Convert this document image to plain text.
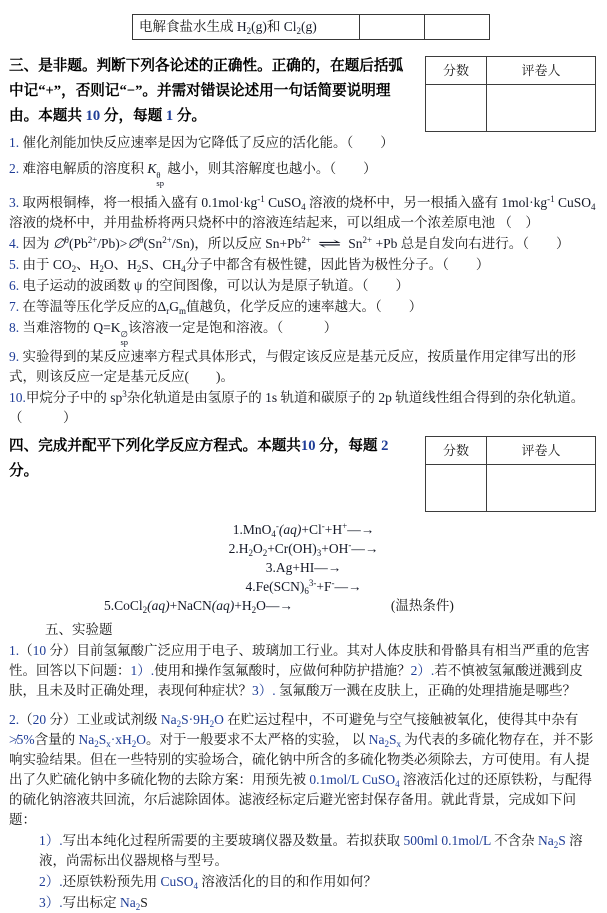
电解食盐水生成 $H_2(g)$和 $Cl_2(g)$		
分数	评卷人

三、是非题。判断下列各论述的正确性。正确的，在题后括弧中记“+”，否则记“−”。并需对错误论述用一句话简要说明理由。本题共 10 分，每题 1 分。

1. 催化剂能加快反应速率是因为它降低了反应的活化能。（　　）

2. 难溶电解质的溶度积 K θ
sp
越小，则其溶解度也越小。（　　）

3. 取两根铜棒，将一根插入盛有 $0.1mol\cdot kg^{-1}$ CuSO$_4$ 溶液的烧杯中，另一根插入盛有 $1mol\cdot kg^{-1}$ CuSO$_4$溶液的烧杯中，并用盐桥将两只烧杯中的溶液连结起来，可以组成一个浓差原电池 （　）

4. 因为 $\emptyset^\theta(Pb^{2+}/Pb)>\emptyset^\theta(Sn^{2+}/Sn)$，所以反应 $Sn+Pb^{2+}$ ⇌ $Sn^{2+} +Pb$ 总是自发向右进行。（　　）

5. 由于 $CO_2$、$H_2O$、$H_2S$、$CH_4$分子中都含有极性键，因此皆为极性分子。（　　）

6. 电子运动的波函数 ψ 的空间图像，可以认为是原子轨道。（　　）

7. 在等温等压化学反应的$\Delta_rG_m$值越负，化学反应的速率越大。（　　）

8. 当难溶物的 Q=K ∅
sp
该溶液一定是饱和溶液。（　　　）

9. 实验得到的某反应速率方程式具体形式，与假定该反应是基元反应，按质量作用定律写出的形式，则该反应一定是基元反应(　　)。

10.甲烷分子中的 $sp^3$杂化轨道是由氢原子的 1s 轨道和碳原子的 2p 轨道线性组合得到的杂化轨道。（　　　）

分数	评卷人

四、完成并配平下列化学反应方程式。本题共10 分，每题 2分。

1.MnO$_4$-(aq)+Cl-+H+—→
$2.H_2O_2+Cr(OH)_3+OH^-—\to$
3.Ag+HI—→
$4.Fe(SCN)_6^{3-}+F^-—\to$
$5.CoCl_2(aq)+NaCN(aq)+H_2O—\to$	(温热条件)

五、实验题

1.（10 分）目前氢氟酸广泛应用于电子、玻璃加工行业。其对人体皮肤和骨骼具有相当严重的危害性。回答以下问题：1）.使用和操作氢氟酸时，应做何种防护措施？2）.若不慎被氢氟酸迸溅到皮肤，且未及时正确处理，表现何种症状？3）. 氢氟酸万一溅在皮肤上，正确的处理措施是哪些？

2.（20 分）工业或试剂级 $Na_2S\cdot 9H_2O$ 在贮运过程中，不可避免与空气接触被氧化，使得其中杂有≯5%含量的 $Na_2S_x\cdot xH_2O$。对于一般要求不太严格的实验， 以 $Na_2S_x$ 为代表的多硫化物存在，并不影响实验结果。但在一些特别的实验场合，硫化钠中所含的多硫化物类必须除去，方可使用。有人提出了久贮硫化钠中多硫化物的去除方案：用预先被 0.1mol/L CuSO$_4$ 溶液活化过的还原铁粉，与配得的硫化钠溶液共回流，尔后滤除固体。滤液经标定后避光密封保存备用。就此背景，完成如下问题：

1）.写出本纯化过程所需要的主要玻璃仪器及数量。若拟获取 500ml 0.1mol/L 不含杂 $Na_2S$ 溶液，尚需标出仪器规格与型号。

2）.还原铁粉预先用 CuSO$_4$ 溶液活化的目的和作用如何？

3）.写出标定 $Na_2S$
